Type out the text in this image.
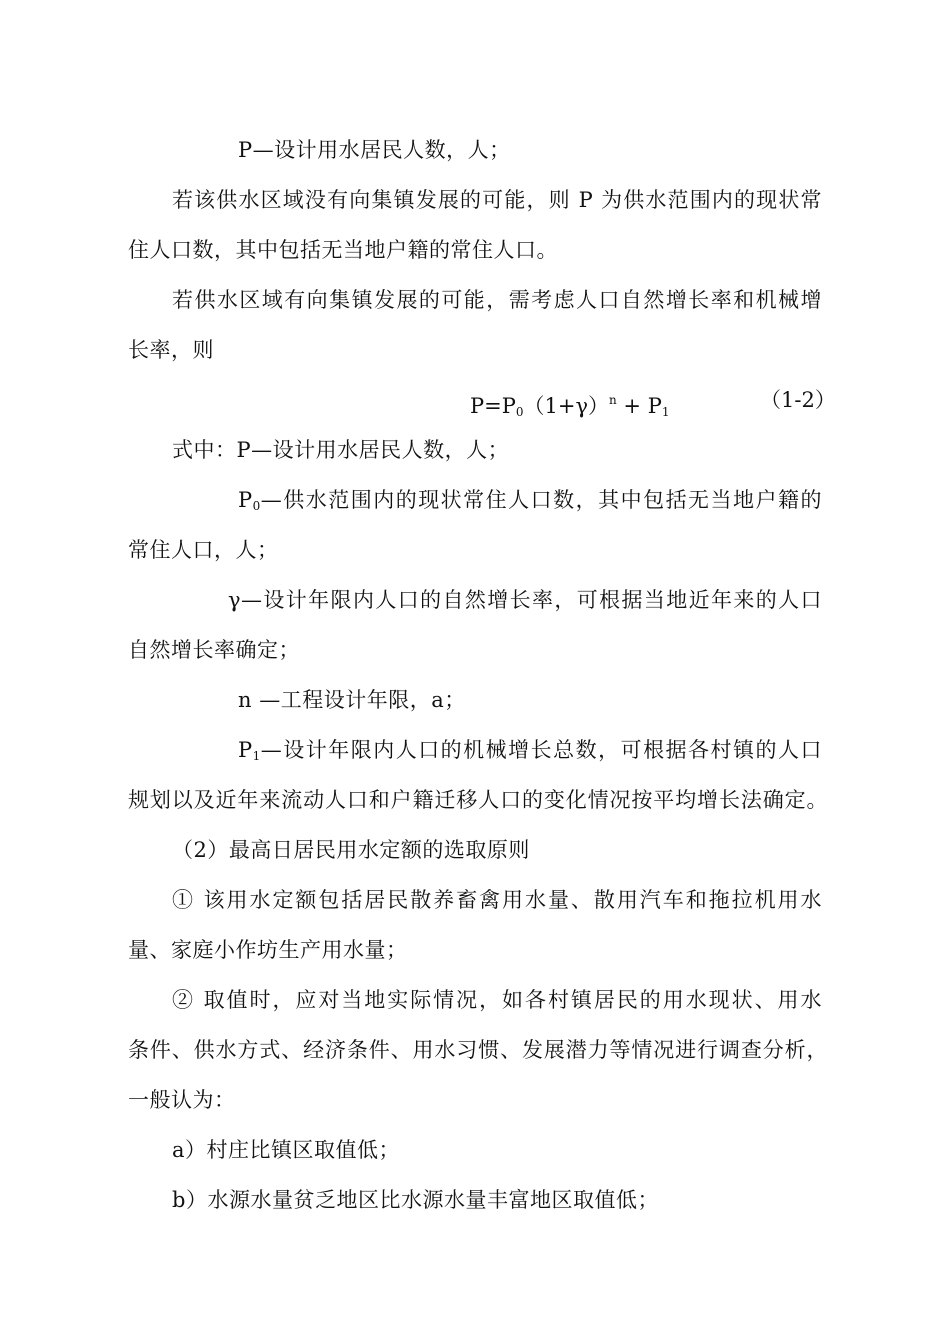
P—设计用水居民人数，人；
若该供水区域没有向集镇发展的可能，则 P 为供水范围内的现状常
住人口数，其中包括无当地户籍的常住人口。
若供水区域有向集镇发展的可能，需考虑人口自然增长率和机械增
长率，则
$P=P_0(1+\gamma)^n + P_1$	（1-2）
式中：P—设计用水居民人数，人；
$P_0—$供水范围内的现状常住人口数，其中包括无当地户籍的
常住人口，人；
γ—设计年限内人口的自然增长率，可根据当地近年来的人口
自然增长率确定；
n —工程设计年限，a；
$P_1—$设计年限内人口的机械增长总数，可根据各村镇的人口
规划以及近年来流动人口和户籍迁移人口的变化情况按平均增长法确定。
（2）最高日居民用水定额的选取原则
① 该用水定额包括居民散养畜禽用水量、散用汽车和拖拉机用水
量、家庭小作坊生产用水量；
② 取值时，应对当地实际情况，如各村镇居民的用水现状、用水
条件、供水方式、经济条件、用水习惯、发展潜力等情况进行调查分析，
一般认为：
a）村庄比镇区取值低；
b）水源水量贫乏地区比水源水量丰富地区取值低；
